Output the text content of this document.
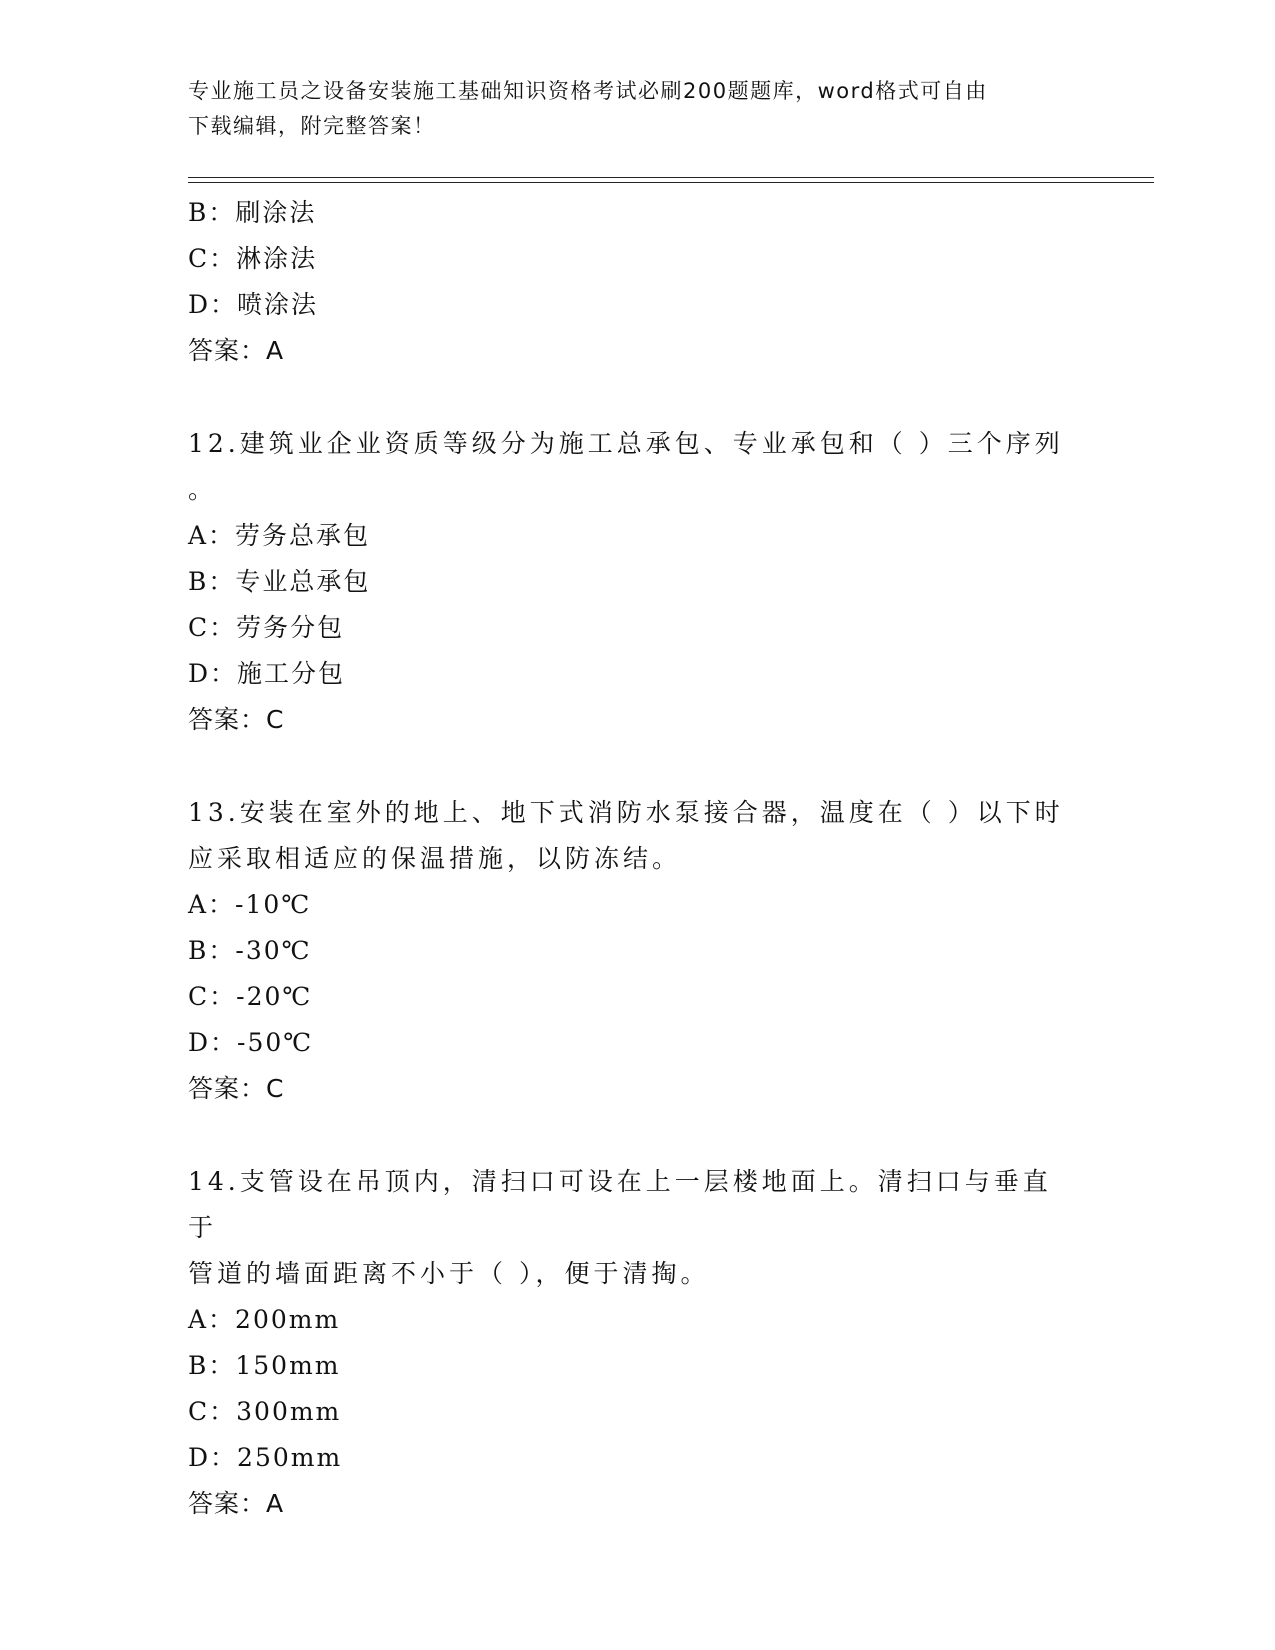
专业施工员之设备安装施工基础知识资格考试必刷200题题库，word格式可自由
下载编辑，附完整答案！
B：刷涂法
C：淋涂法
D：喷涂法
答案：A
12.建筑业企业资质等级分为施工总承包、专业承包和（ ）三个序列
。
A：劳务总承包
B：专业总承包
C：劳务分包
D：施工分包
答案：C
13.安装在室外的地上、地下式消防水泵接合器，温度在（ ）以下时
应采取相适应的保温措施，以防冻结。
A：-10℃
B：-30℃
C：-20℃
D：-50℃
答案：C
14.支管设在吊顶内，清扫口可设在上一层楼地面上。清扫口与垂直于
管道的墙面距离不小于（ ），便于清掏。
A：200mm
B：150mm
C：300mm
D：250mm
答案：A
